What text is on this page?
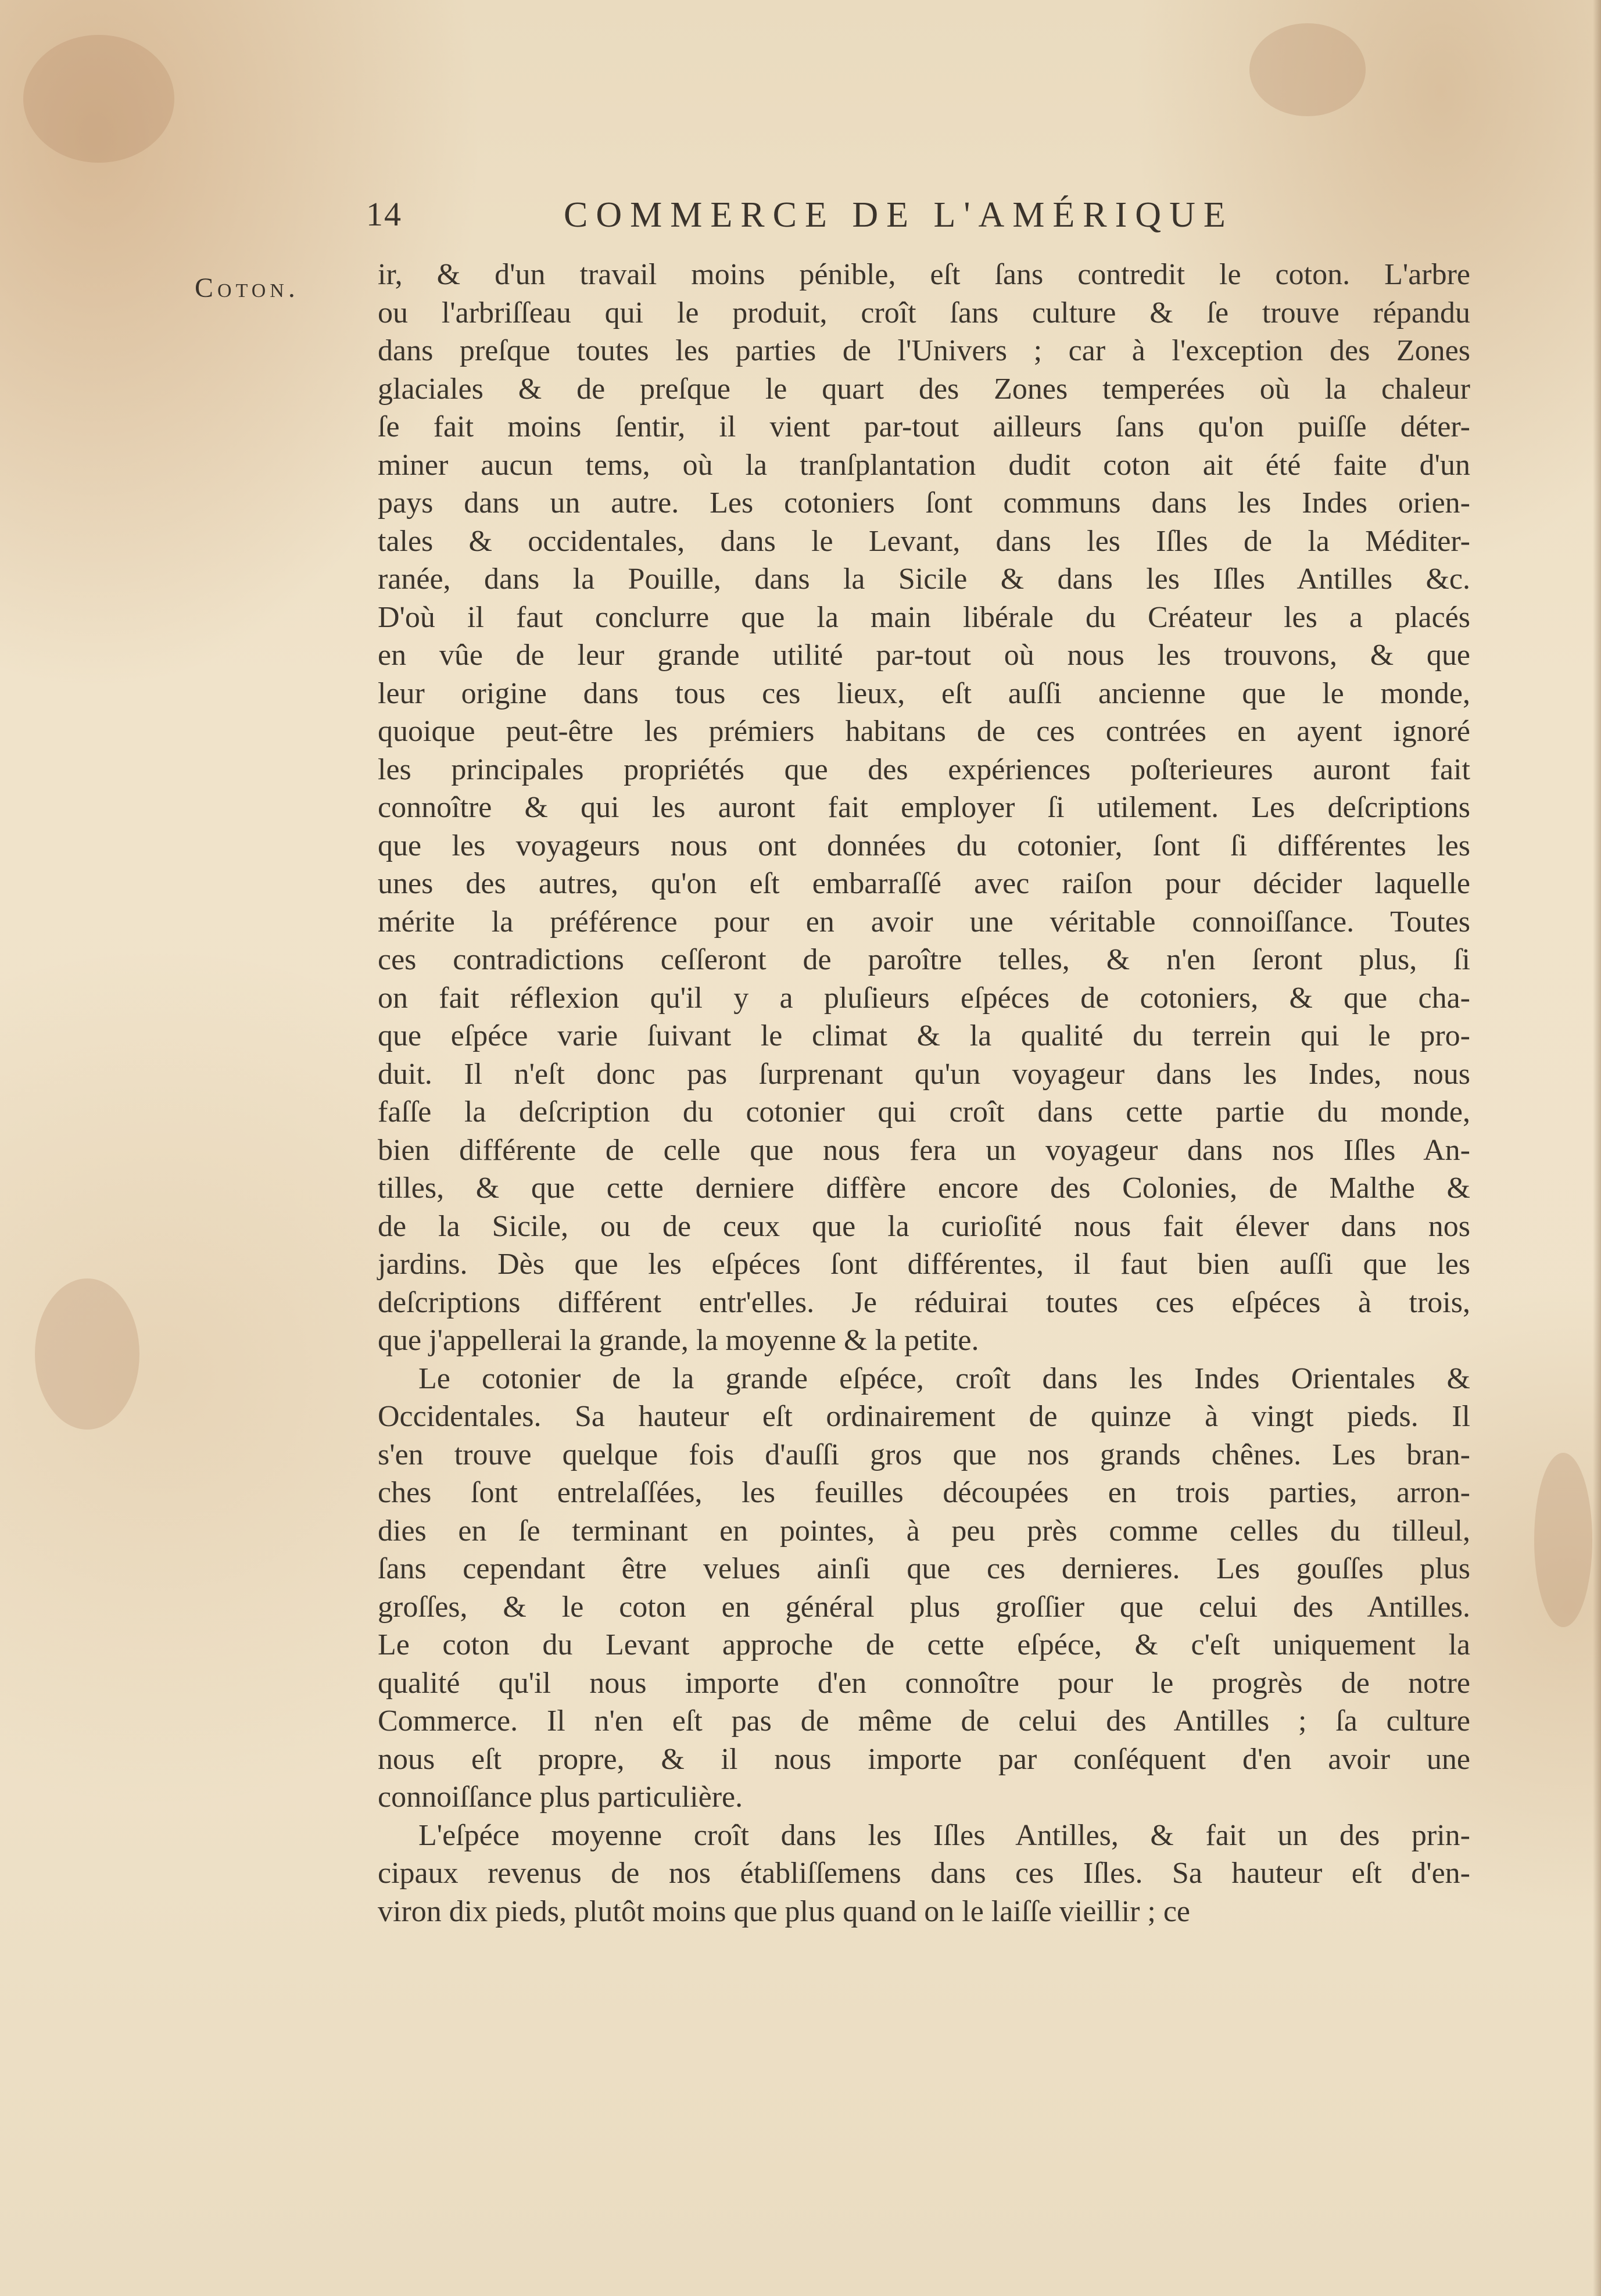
14	COMMERCE DE L'AMÉRIQUE
Coton.	ir, & d'un travail moins pénible, eſt ſans contredit le coton. L'arbre
ou l'arbriſſeau qui le produit, croît ſans culture & ſe trouve répandu
dans preſque toutes les parties de l'Univers ; car à l'exception des Zones
glaciales & de preſque le quart des Zones temperées où la chaleur
ſe fait moins ſentir, il vient par-tout ailleurs ſans qu'on puiſſe déter-
miner aucun tems, où la tranſplantation dudit coton ait été faite d'un
pays dans un autre. Les cotoniers ſont communs dans les Indes orien-
tales & occidentales, dans le Levant, dans les Iſles de la Méditer-
ranée, dans la Pouille, dans la Sicile & dans les Iſles Antilles &c.
D'où il faut conclurre que la main libérale du Créateur les a placés
en vûe de leur grande utilité par-tout où nous les trouvons, & que
leur origine dans tous ces lieux, eſt auſſi ancienne que le monde,
quoique peut-être les prémiers habitans de ces contrées en ayent ignoré
les principales propriétés que des expériences poſterieures auront fait
connoître & qui les auront fait employer ſi utilement. Les deſcriptions
que les voyageurs nous ont données du cotonier, ſont ſi différentes les
unes des autres, qu'on eſt embarraſſé avec raiſon pour décider laquelle
mérite la préférence pour en avoir une véritable connoiſſance. Toutes
ces contradictions ceſſeront de paroître telles, & n'en ſeront plus, ſi
on fait réflexion qu'il y a pluſieurs eſpéces de cotoniers, & que cha-
que eſpéce varie ſuivant le climat & la qualité du terrein qui le pro-
duit. Il n'eſt donc pas ſurprenant qu'un voyageur dans les Indes, nous
faſſe la deſcription du cotonier qui croît dans cette partie du monde,
bien différente de celle que nous fera un voyageur dans nos Iſles An-
tilles, & que cette derniere diffère encore des Colonies, de Malthe &
de la Sicile, ou de ceux que la curioſité nous fait élever dans nos
jardins. Dès que les eſpéces ſont différentes, il faut bien auſſi que les
deſcriptions différent entr'elles. Je réduirai toutes ces eſpéces à trois,
que j'appellerai la grande, la moyenne & la petite.
Le cotonier de la grande eſpéce, croît dans les Indes Orientales &
Occidentales. Sa hauteur eſt ordinairement de quinze à vingt pieds. Il
s'en trouve quelque fois d'auſſi gros que nos grands chênes. Les bran-
ches ſont entrelaſſées, les feuilles découpées en trois parties, arron-
dies en ſe terminant en pointes, à peu près comme celles du tilleul,
ſans cependant être velues ainſi que ces dernieres. Les gouſſes plus
groſſes, & le coton en général plus groſſier que celui des Antilles.
Le coton du Levant approche de cette eſpéce, & c'eſt uniquement la
qualité qu'il nous importe d'en connoître pour le progrès de notre
Commerce. Il n'en eſt pas de même de celui des Antilles ; ſa culture
nous eſt propre, & il nous importe par conſéquent d'en avoir une
connoiſſance plus particulière.
L'eſpéce moyenne croît dans les Iſles Antilles, & fait un des prin-
cipaux revenus de nos établiſſemens dans ces Iſles. Sa hauteur eſt d'en-
viron dix pieds, plutôt moins que plus quand on le laiſſe vieillir ; ce
